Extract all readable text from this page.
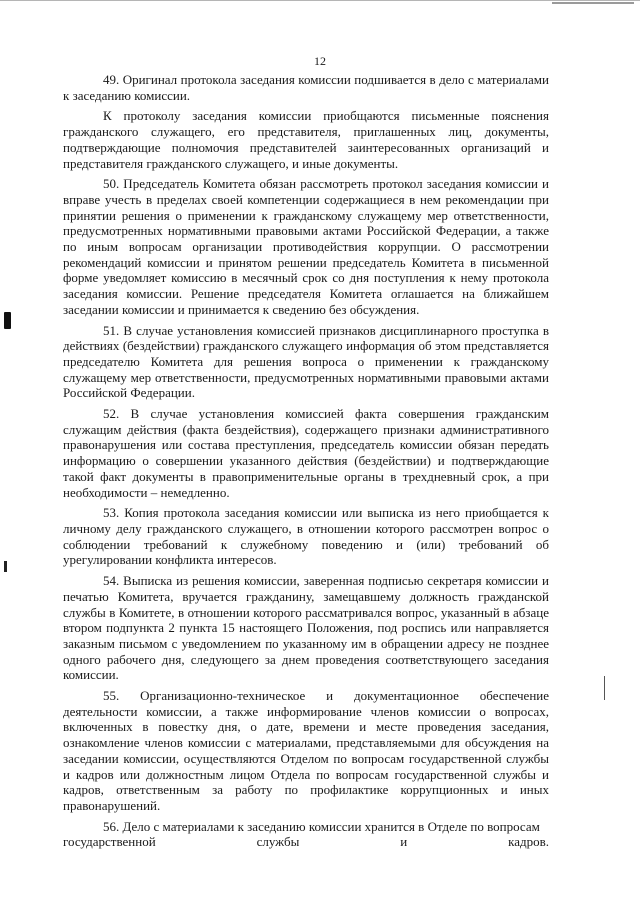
12

49. Оригинал протокола заседания комиссии подшивается в дело с материалами к заседанию комиссии.

К протоколу заседания комиссии приобщаются письменные пояснения гражданского служащего, его представителя, приглашенных лиц, документы, подтверждающие полномочия представителей заинтересованных организаций и представителя гражданского служащего, и иные документы.

50. Председатель Комитета обязан рассмотреть протокол заседания комиссии и вправе учесть в пределах своей компетенции содержащиеся в нем рекомендации при принятии решения о применении к гражданскому служащему мер ответственности, предусмотренных нормативными правовыми актами Российской Федерации, а также по иным вопросам организации противодействия коррупции. О рассмотрении рекомендаций комиссии и принятом решении председатель Комитета в письменной форме уведомляет комиссию в месячный срок со дня поступления к нему протокола заседания комиссии. Решение председателя Комитета оглашается на ближайшем заседании комиссии и принимается к сведению без обсуждения.

51. В случае установления комиссией признаков дисциплинарного проступка в действиях (бездействии) гражданского служащего информация об этом представляется председателю Комитета для решения вопроса о применении к гражданскому служащему мер ответственности, предусмотренных нормативными правовыми актами Российской Федерации.

52. В случае установления комиссией факта совершения гражданским служащим действия (факта бездействия), содержащего признаки административного правонарушения или состава преступления, председатель комиссии обязан передать информацию о совершении указанного действия (бездействии) и подтверждающие такой факт документы в правоприменительные органы в трехдневный срок, а при необходимости – немедленно.

53. Копия протокола заседания комиссии или выписка из него приобщается к личному делу гражданского служащего, в отношении которого рассмотрен вопрос о соблюдении требований к служебному поведению и (или) требований об урегулировании конфликта интересов.

54. Выписка из решения комиссии, заверенная подписью секретаря комиссии и печатью Комитета, вручается гражданину, замещавшему должность гражданской службы в Комитете, в отношении которого рассматривался вопрос, указанный в абзаце втором подпункта 2 пункта 15 настоящего Положения, под роспись или направляется заказным письмом с уведомлением по указанному им в обращении адресу не позднее одного рабочего дня, следующего за днем проведения соответствующего заседания комиссии.

55. Организационно-техническое и документационное обеспечение деятельности комиссии, а также информирование членов комиссии о вопросах, включенных в повестку дня, о дате, времени и месте проведения заседания, ознакомление членов комиссии с материалами, представляемыми для обсуждения на заседании комиссии, осуществляются Отделом по вопросам государственной службы и кадров или должностным лицом Отдела по вопросам государственной службы и кадров, ответственным за работу по профилактике коррупционных и иных правонарушений.

56. Дело с материалами к заседанию комиссии хранится в Отделе по вопросам

государственной	службы	и	кадров.
